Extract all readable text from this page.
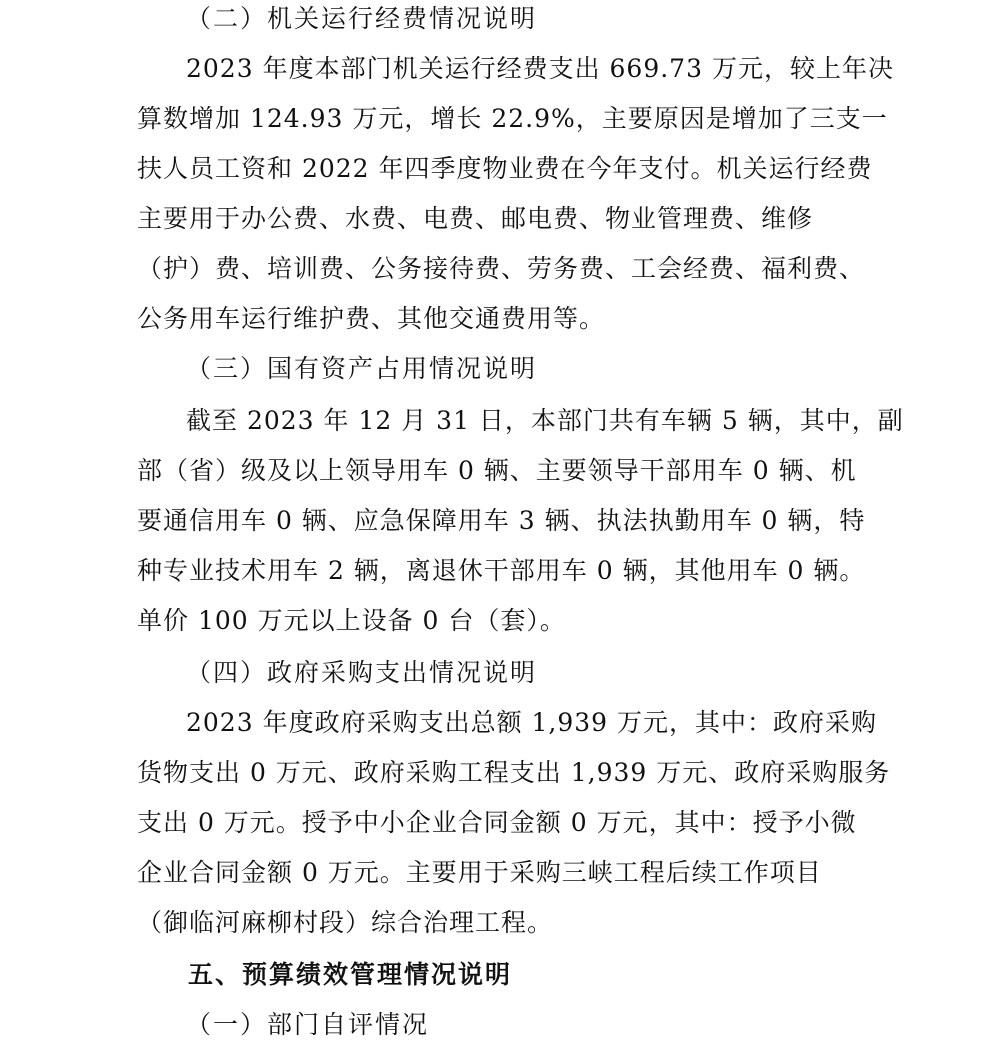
（二）机关运行经费情况说明

2023 年度本部门机关运行经费支出 669.73 万元，较上年决

算数增加 124.93 万元，增长 22.9%，主要原因是增加了三支一

扶人员工资和 2022 年四季度物业费在今年支付。机关运行经费

主要用于办公费、水费、电费、邮电费、物业管理费、维修

（护）费、培训费、公务接待费、劳务费、工会经费、福利费、

公务用车运行维护费、其他交通费用等。

（三）国有资产占用情况说明

截至 2023 年 12 月 31 日，本部门共有车辆 5 辆，其中，副

部（省）级及以上领导用车 0 辆、主要领导干部用车 0 辆、机

要通信用车 0 辆、应急保障用车 3 辆、执法执勤用车 0 辆，特

种专业技术用车 2 辆，离退休干部用车 0 辆，其他用车 0 辆。

单价 100 万元以上设备 0 台（套）。

（四）政府采购支出情况说明

2023 年度政府采购支出总额 1,939 万元，其中：政府采购

货物支出 0 万元、政府采购工程支出 1,939 万元、政府采购服务

支出 0 万元。授予中小企业合同金额 0 万元，其中：授予小微

企业合同金额 0 万元。主要用于采购三峡工程后续工作项目

（御临河麻柳村段）综合治理工程。

五、预算绩效管理情况说明

（一）部门自评情况
